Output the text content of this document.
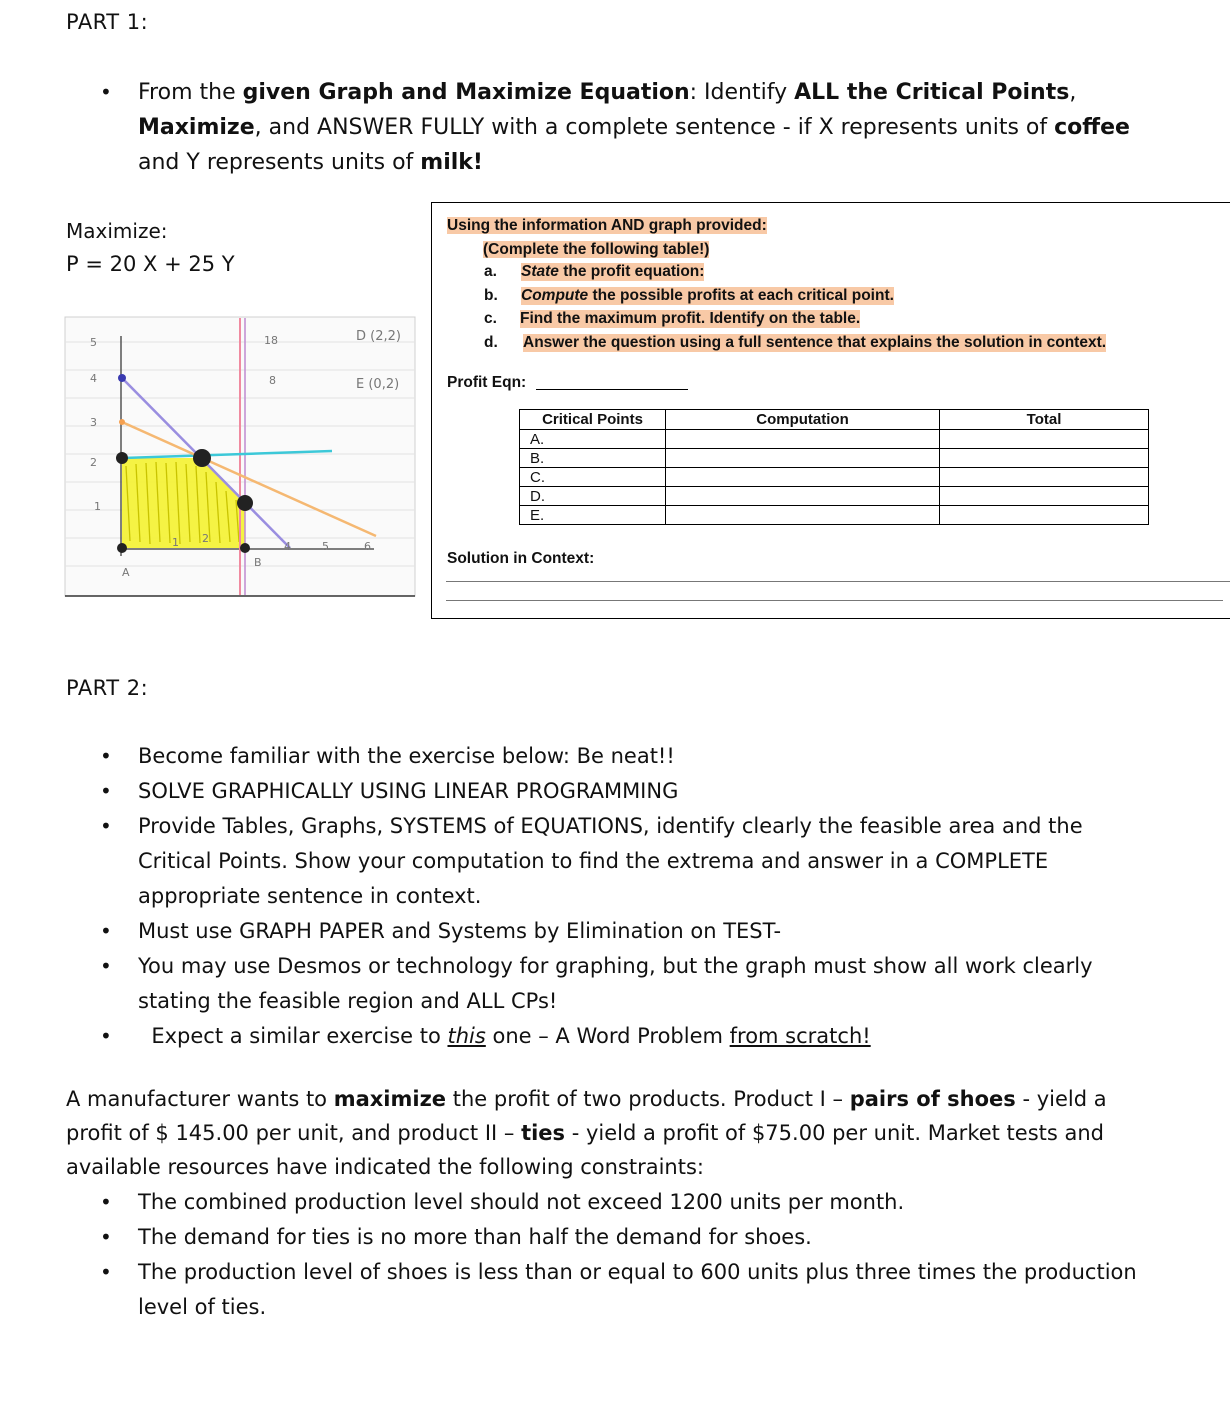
PART 1:
• From the given Graph and Maximize Equation: Identify ALL the Critical Points, Maximize, and ANSWER FULLY with a complete sentence - if X represents units of coffee and Y represents units of milk!
Maximize:
P = 20 X + 25 Y
5
4
3
2
1
1 2
B
4	5	6
A
18
8
D (2,2)
E (0,2)
Using the information AND graph provided:
(Complete the following table!)
a. State the profit equation:
b. Compute the possible profits at each critical point.
c. Find the maximum profit. Identify on the table.
d. Answer the question using a full sentence that explains the solution in context.
Profit Eqn:
Critical Points	Computation	Total
A.		
B.		
C.		
D.		
E.		
Solution in Context:
PART 2:
• Become familiar with the exercise below: Be neat!!
• SOLVE GRAPHICALLY USING LINEAR PROGRAMMING
• Provide Tables, Graphs, SYSTEMS of EQUATIONS, identify clearly the feasible area and the Critical Points. Show your computation to find the extrema and answer in a COMPLETE appropriate sentence in context.
• Must use GRAPH PAPER and Systems by Elimination on TEST-
• You may use Desmos or technology for graphing, but the graph must show all work clearly stating the feasible region and ALL CPs!
• Expect a similar exercise to this one – A Word Problem from scratch!
A manufacturer wants to maximize the profit of two products. Product I – pairs of shoes - yield a profit of $ 145.00 per unit, and product II – ties - yield a profit of $75.00 per unit. Market tests and available resources have indicated the following constraints:
• The combined production level should not exceed 1200 units per month.
• The demand for ties is no more than half the demand for shoes.
• The production level of shoes is less than or equal to 600 units plus three times the production level of ties.
